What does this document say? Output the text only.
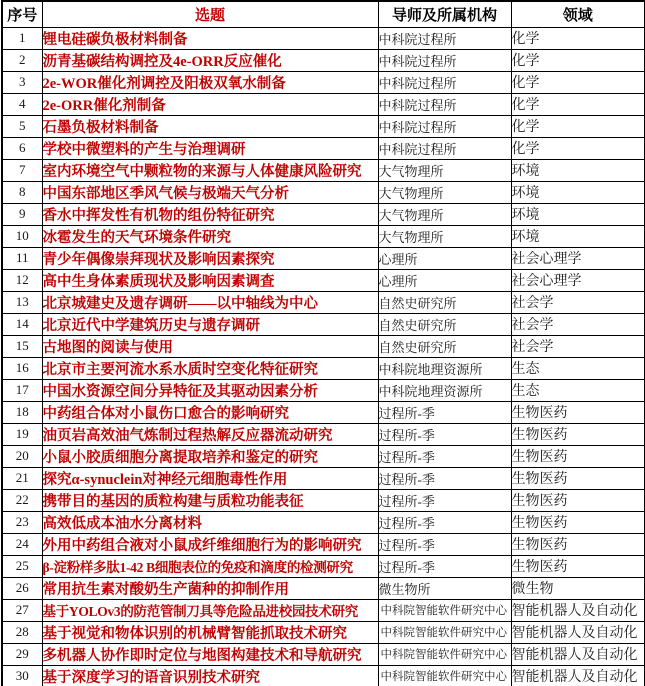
序号	选题	导师及所属机构	领域
1	锂电硅碳负极材料制备	中科院过程所	化学
2	沥青基碳结构调控及4e-ORR反应催化	中科院过程所	化学
3	2e-WOR催化剂调控及阳极双氧水制备	中科院过程所	化学
4	2e-ORR催化剂制备	中科院过程所	化学
5	石墨负极材料制备	中科院过程所	化学
6	学校中微塑料的产生与治理调研	中科院过程所	化学
7	室内环境空气中颗粒物的来源与人体健康风险研究	大气物理所	环境
8	中国东部地区季风气候与极端天气分析	大气物理所	环境
9	香水中挥发性有机物的组份特征研究	大气物理所	环境
10	冰雹发生的天气环境条件研究	大气物理所	环境
11	青少年偶像崇拜现状及影响因素探究	心理所	社会心理学
12	高中生身体素质现状及影响因素调查	心理所	社会心理学
13	北京城建史及遗存调研——以中轴线为中心	自然史研究所	社会学
14	北京近代中学建筑历史与遗存调研	自然史研究所	社会学
15	古地图的阅读与使用	自然史研究所	社会学
16	北京市主要河流水系水质时空变化特征研究	中科院地理资源所	生态
17	中国水资源空间分异特征及其驱动因素分析	中科院地理资源所	生态
18	中药组合体对小鼠伤口愈合的影响研究	过程所-季	生物医药
19	油页岩高效油气炼制过程热解反应器流动研究	过程所-季	生物医药
20	小鼠小胶质细胞分离提取培养和鉴定的研究	过程所-季	生物医药
21	探究α-synuclein对神经元细胞毒性作用	过程所-季	生物医药
22	携带目的基因的质粒构建与质粒功能表征	过程所-季	生物医药
23	高效低成本油水分离材料	过程所-季	生物医药
24	外用中药组合液对小鼠成纤维细胞行为的影响研究	过程所-季	生物医药
25	β-淀粉样多肽1-42 B细胞表位的免疫和滴度的检测研究	过程所-季	生物医药
26	常用抗生素对酸奶生产菌种的抑制作用	微生物所	微生物
27	基于YOLOv3的防范管制刀具等危险品进校园技术研究	中科院智能软件研究中心	智能机器人及自动化
28	基于视觉和物体识别的机械臂智能抓取技术研究	中科院智能软件研究中心	智能机器人及自动化
29	多机器人协作即时定位与地图构建技术和导航研究	中科院智能软件研究中心	智能机器人及自动化
30	基于深度学习的语音识别技术研究	中科院智能软件研究中心	智能机器人及自动化
